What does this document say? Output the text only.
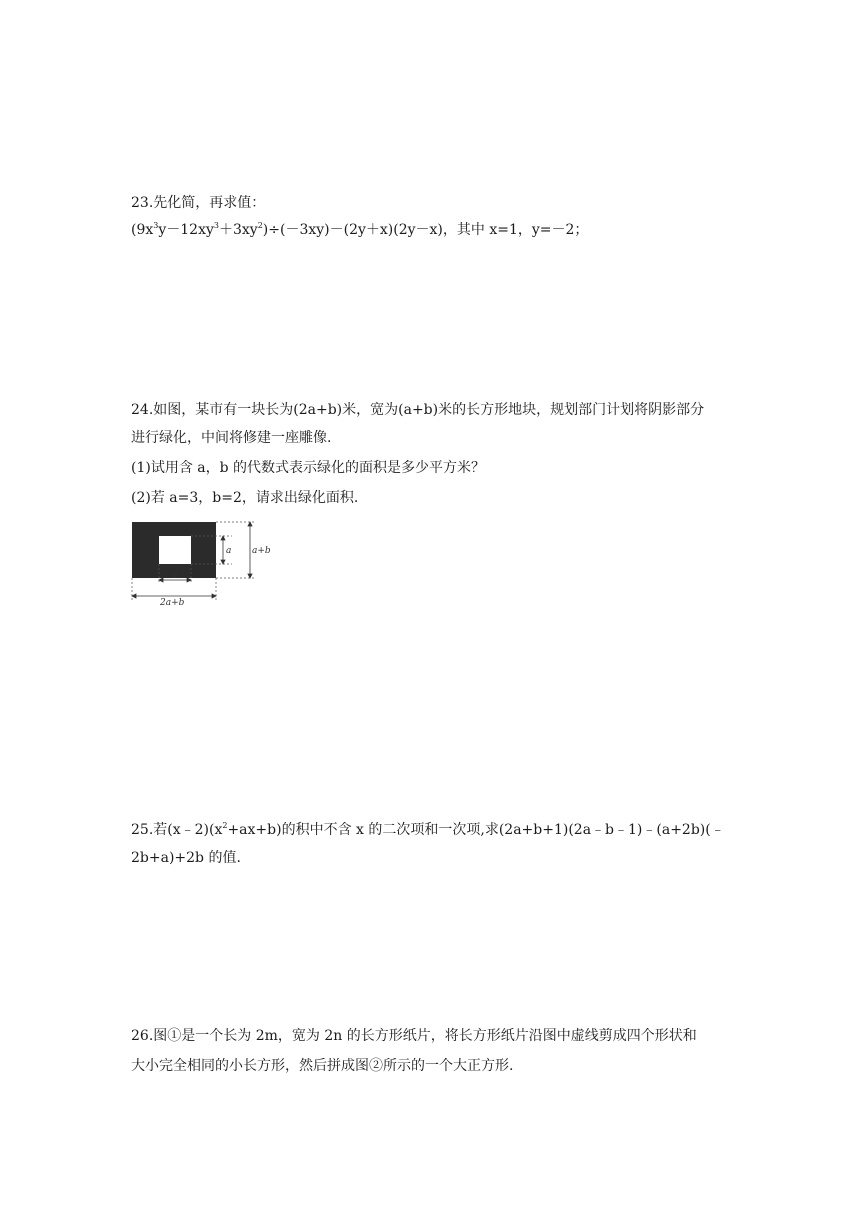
23.先化简，再求值：
$(9x^3y-12xy^3+3xy^2)\div(-3xy)-(2y+x)(2y-x)$，其中 x=1，y=－2；
24.如图，某市有一块长为(2a+b)米，宽为(a+b)米的长方形地块，规划部门计划将阴影部分
进行绿化，中间将修建一座雕像.
(1)试用含 a，b 的代数式表示绿化的面积是多少平方米？
(2)若 a=3，b=2，请求出绿化面积.
a a+b
a
2a+b
25.若$(x﹣2)(x^2+ax+b)$的积中不含 x 的二次项和一次项,求(2a+b+1)(2a﹣b﹣1)﹣(a+2b)(﹣
2b+a)+2b 的值.
26.图①是一个长为 2m，宽为 2n 的长方形纸片，将长方形纸片沿图中虚线剪成四个形状和
大小完全相同的小长方形，然后拼成图②所示的一个大正方形.
